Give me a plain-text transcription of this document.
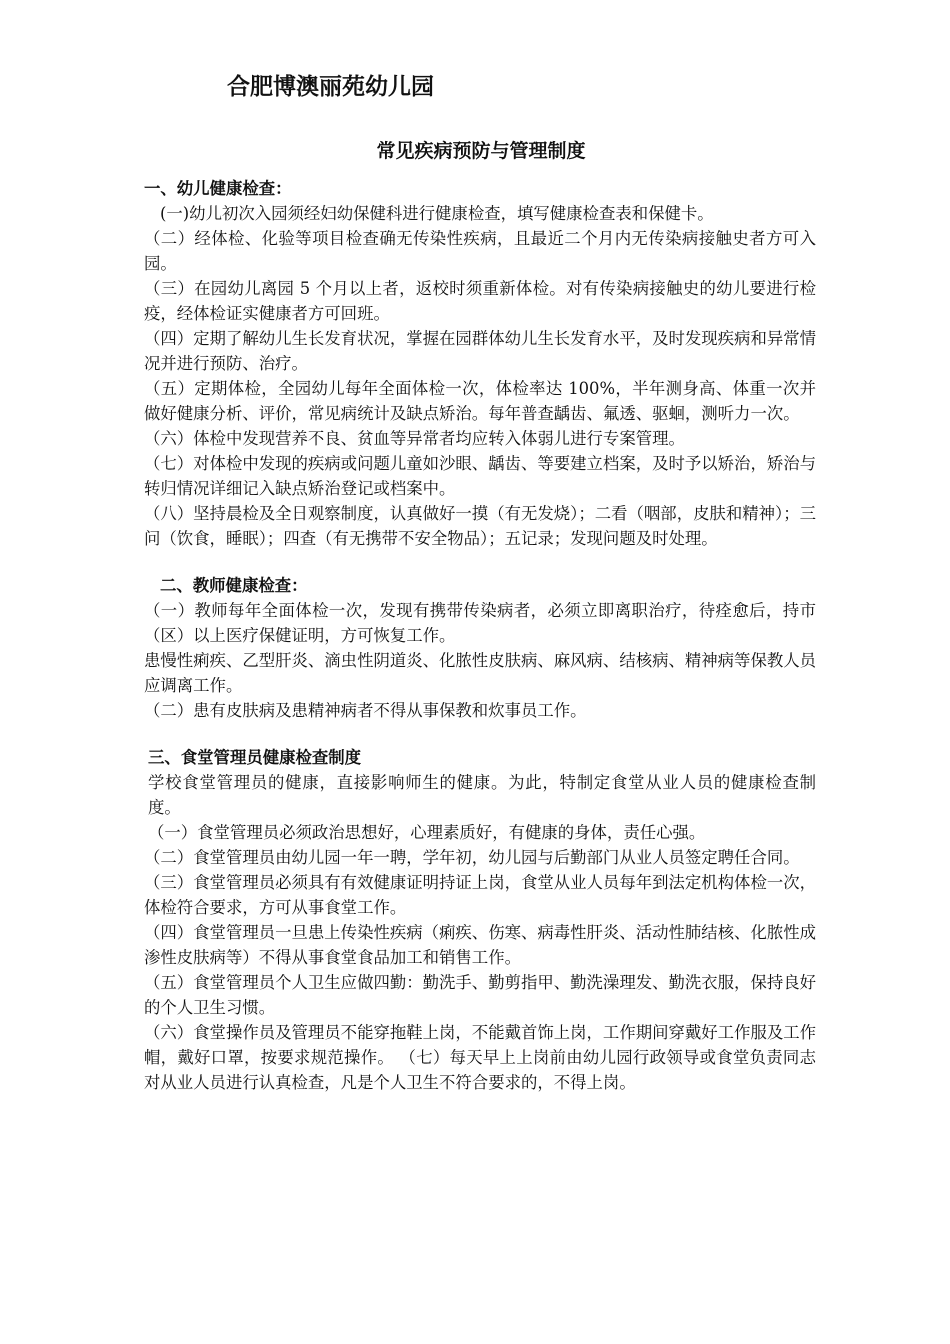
合肥博澳丽苑幼儿园
常见疾病预防与管理制度

一、幼儿健康检查：

(一)幼儿初次入园须经妇幼保健科进行健康检查，填写健康检查表和保健卡。

（二）经体检、化验等项目检查确无传染性疾病，且最近二个月内无传染病接触史者方可入园。

（三）在园幼儿离园 5 个月以上者，返校时须重新体检。对有传染病接触史的幼儿要进行检疫，经体检证实健康者方可回班。

（四）定期了解幼儿生长发育状况，掌握在园群体幼儿生长发育水平，及时发现疾病和异常情况并进行预防、治疗。

（五）定期体检，全园幼儿每年全面体检一次，体检率达 100%，半年测身高、体重一次并做好健康分析、评价，常见病统计及缺点矫治。每年普查龋齿、氟透、驱蛔，测听力一次。

（六）体检中发现营养不良、贫血等异常者均应转入体弱儿进行专案管理。

（七）对体检中发现的疾病或问题儿童如沙眼、龋齿、等要建立档案，及时予以矫治，矫治与转归情况详细记入缺点矫治登记或档案中。

（八）坚持晨检及全日观察制度，认真做好一摸（有无发烧）；二看（咽部，皮肤和精神）；三问（饮食，睡眠）；四查（有无携带不安全物品）；五记录；发现问题及时处理。

二、教师健康检查：

（一）教师每年全面体检一次，发现有携带传染病者，必须立即离职治疗，待痊愈后，持市（区）以上医疗保健证明，方可恢复工作。

患慢性痢疾、乙型肝炎、滴虫性阴道炎、化脓性皮肤病、麻风病、结核病、精神病等保教人员应调离工作。

（二）患有皮肤病及患精神病者不得从事保教和炊事员工作。

三、食堂管理员健康检查制度

学校食堂管理员的健康，直接影响师生的健康。为此，特制定食堂从业人员的健康检查制 度。

（一）食堂管理员必须政治思想好，心理素质好，有健康的身体，责任心强。

（二）食堂管理员由幼儿园一年一聘，学年初，幼儿园与后勤部门从业人员签定聘任合同。

（三）食堂管理员必须具有有效健康证明持证上岗，食堂从业人员每年到法定机构体检一次，体检符合要求，方可从事食堂工作。

（四）食堂管理员一旦患上传染性疾病（痢疾、伤寒、病毒性肝炎、活动性肺结核、化脓性成渗性皮肤病等）不得从事食堂食品加工和销售工作。

（五）食堂管理员个人卫生应做四勤：勤洗手、勤剪指甲、勤洗澡理发、勤洗衣服，保持良好的个人卫生习惯。

（六）食堂操作员及管理员不能穿拖鞋上岗，不能戴首饰上岗，工作期间穿戴好工作服及工作帽，戴好口罩，按要求规范操作。 （七）每天早上上岗前由幼儿园行政领导或食堂负责同志对从业人员进行认真检查，凡是个人卫生不符合要求的，不得上岗。
